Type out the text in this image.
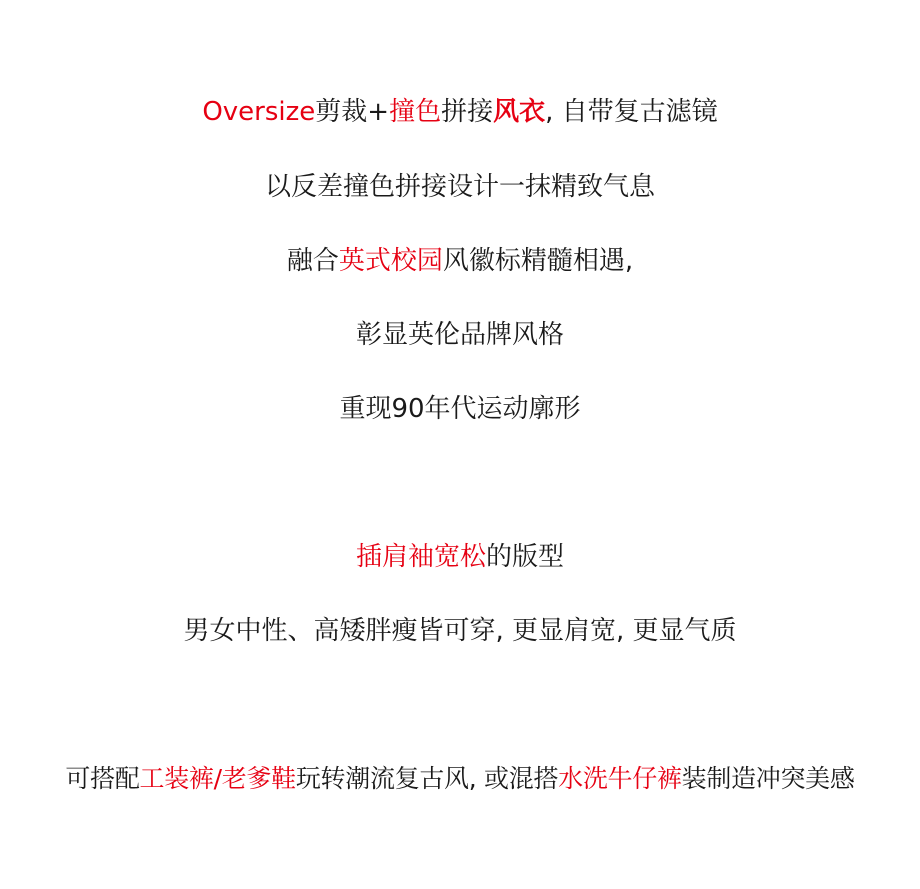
Oversize剪裁+撞色拼接风衣, 自带复古滤镜
以反差撞色拼接设计一抹精致气息
融合英式校园风徽标精髓相遇,
彰显英伦品牌风格
重现90年代运动廓形
插肩袖宽松的版型
男女中性、高矮胖瘦皆可穿, 更显肩宽, 更显气质
可搭配工装裤/老爹鞋玩转潮流复古风, 或混搭水洗牛仔裤装制造冲突美感
